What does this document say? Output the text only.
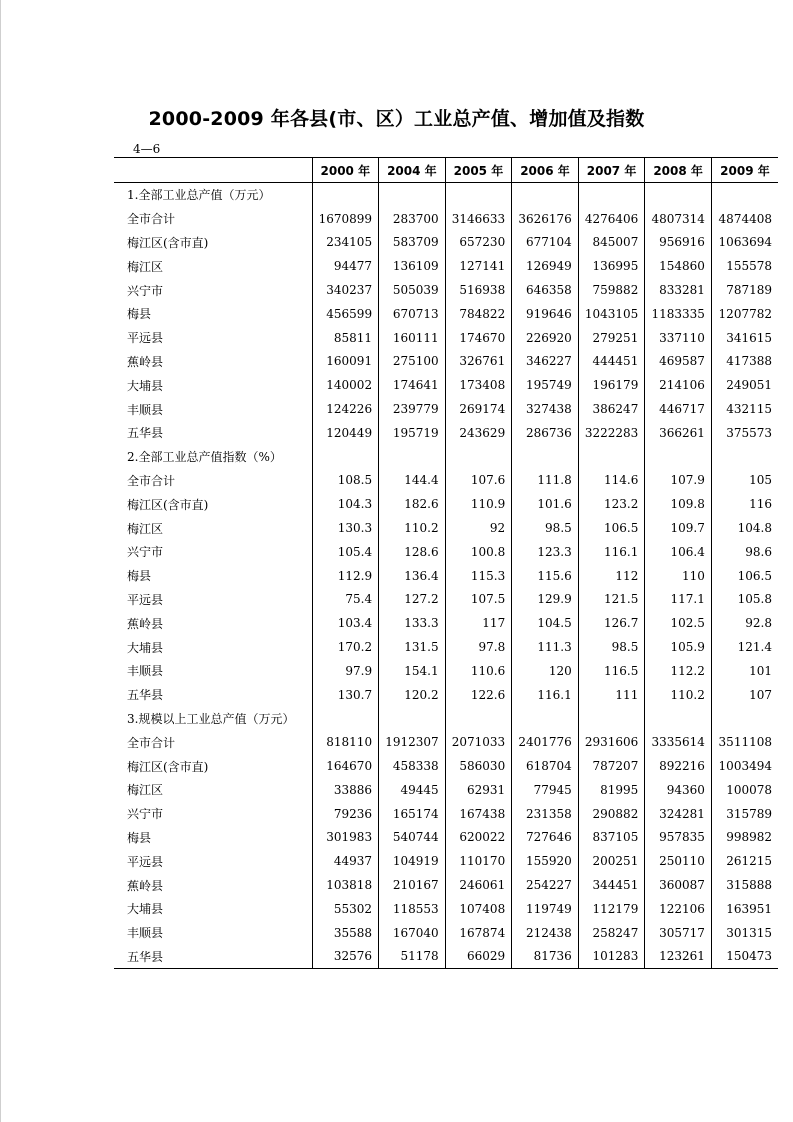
2000-2009 年各县(市、区）工业总产值、增加值及指数
4—6
	2000 年	2004 年	2005 年	2006 年	2007 年	2008 年	2009 年
1.全部工业总产值（万元）							
全市合计	1670899	283700	3146633	3626176	4276406	4807314	4874408
梅江区(含市直)	234105	583709	657230	677104	845007	956916	1063694
梅江区	94477	136109	127141	126949	136995	154860	155578
兴宁市	340237	505039	516938	646358	759882	833281	787189
梅县	456599	670713	784822	919646	1043105	1183335	1207782
平远县	85811	160111	174670	226920	279251	337110	341615
蕉岭县	160091	275100	326761	346227	444451	469587	417388
大埔县	140002	174641	173408	195749	196179	214106	249051
丰顺县	124226	239779	269174	327438	386247	446717	432115
五华县	120449	195719	243629	286736	3222283	366261	375573
2.全部工业总产值指数（%）							
全市合计	108.5	144.4	107.6	111.8	114.6	107.9	105
梅江区(含市直)	104.3	182.6	110.9	101.6	123.2	109.8	116
梅江区	130.3	110.2	92	98.5	106.5	109.7	104.8
兴宁市	105.4	128.6	100.8	123.3	116.1	106.4	98.6
梅县	112.9	136.4	115.3	115.6	112	110	106.5
平远县	75.4	127.2	107.5	129.9	121.5	117.1	105.8
蕉岭县	103.4	133.3	117	104.5	126.7	102.5	92.8
大埔县	170.2	131.5	97.8	111.3	98.5	105.9	121.4
丰顺县	97.9	154.1	110.6	120	116.5	112.2	101
五华县	130.7	120.2	122.6	116.1	111	110.2	107
3.规模以上工业总产值（万元）							
全市合计	818110	1912307	2071033	2401776	2931606	3335614	3511108
梅江区(含市直)	164670	458338	586030	618704	787207	892216	1003494
梅江区	33886	49445	62931	77945	81995	94360	100078
兴宁市	79236	165174	167438	231358	290882	324281	315789
梅县	301983	540744	620022	727646	837105	957835	998982
平远县	44937	104919	110170	155920	200251	250110	261215
蕉岭县	103818	210167	246061	254227	344451	360087	315888
大埔县	55302	118553	107408	119749	112179	122106	163951
丰顺县	35588	167040	167874	212438	258247	305717	301315
五华县	32576	51178	66029	81736	101283	123261	150473
